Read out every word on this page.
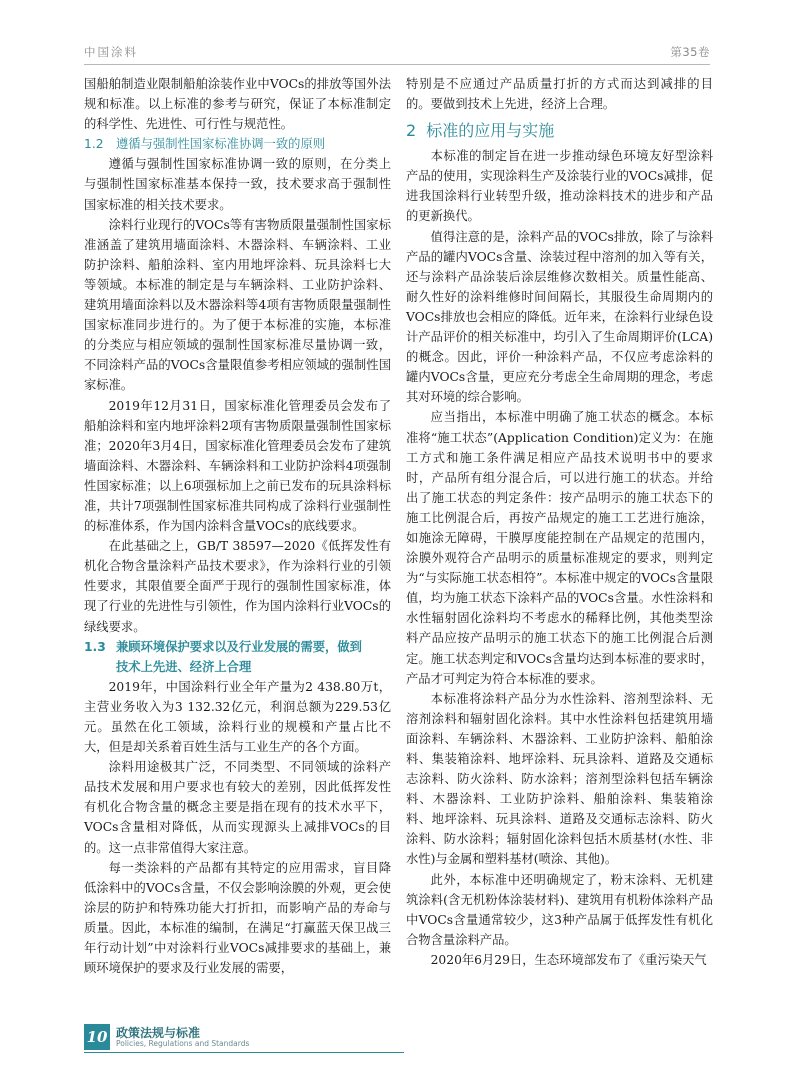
中国涂料	第35卷

国船舶制造业限制船舶涂装作业中VOCs的排放等国外法规和标准。以上标准的参考与研究，保证了本标准制定的科学性、先进性、可行性与规范性。

1.2 遵循与强制性国家标准协调一致的原则

遵循与强制性国家标准协调一致的原则，在分类上与强制性国家标准基本保持一致，技术要求高于强制性国家标准的相关技术要求。

涂料行业现行的VOCs等有害物质限量强制性国家标准涵盖了建筑用墙面涂料、木器涂料、车辆涂料、工业防护涂料、船舶涂料、室内用地坪涂料、玩具涂料七大等领域。本标准的制定是与车辆涂料、工业防护涂料、建筑用墙面涂料以及木器涂料等4项有害物质限量强制性国家标准同步进行的。为了便于本标准的实施，本标准的分类应与相应领域的强制性国家标准尽量协调一致，不同涂料产品的VOCs含量限值参考相应领域的强制性国家标准。

2019年12月31日，国家标准化管理委员会发布了船舶涂料和室内地坪涂料2项有害物质限量强制性国家标准；2020年3月4日，国家标准化管理委员会发布了建筑墙面涂料、木器涂料、车辆涂料和工业防护涂料4项强制性国家标准；以上6项强标加上之前已发布的玩具涂料标准，共计7项强制性国家标准共同构成了涂料行业强制性的标准体系，作为国内涂料含量VOCs的底线要求。

在此基础之上，GB/T 38597—2020《低挥发性有机化合物含量涂料产品技术要求》，作为涂料行业的引领性要求，其限值要全面严于现行的强制性国家标准，体现了行业的先进性与引领性，作为国内涂料行业VOCs的绿线要求。

1.3 兼顾环境保护要求以及行业发展的需要，做到
技术上先进、经济上合理

2019年，中国涂料行业全年产量为2 438.80万t，主营业务收入为3 132.32亿元，利润总额为229.53亿元。虽然在化工领域，涂料行业的规模和产量占比不大，但是却关系着百姓生活与工业生产的各个方面。

涂料用途极其广泛，不同类型、不同领域的涂料产品技术发展和用户要求也有较大的差别，因此低挥发性有机化合物含量的概念主要是指在现有的技术水平下，VOCs含量相对降低，从而实现源头上减排VOCs的目的。这一点非常值得大家注意。

每一类涂料的产品都有其特定的应用需求，盲目降低涂料中的VOCs含量，不仅会影响涂膜的外观，更会使涂层的防护和特殊功能大打折扣，而影响产品的寿命与质量。因此，本标准的编制，在满足“打赢蓝天保卫战三年行动计划”中对涂料行业VOCs减排要求的基础上，兼顾环境保护的要求及行业发展的需要，

特别是不应通过产品质量打折的方式而达到减排的目的。要做到技术上先进，经济上合理。

2 标准的应用与实施

本标准的制定旨在进一步推动绿色环境友好型涂料产品的使用，实现涂料生产及涂装行业的VOCs减排，促进我国涂料行业转型升级，推动涂料技术的进步和产品的更新换代。

值得注意的是，涂料产品的VOCs排放，除了与涂料产品的罐内VOCs含量、涂装过程中溶剂的加入等有关，还与涂料产品涂装后涂层维修次数相关。质量性能高、耐久性好的涂料维修时间间隔长，其服役生命周期内的VOCs排放也会相应的降低。近年来，在涂料行业绿色设计产品评价的相关标准中，均引入了生命周期评价(LCA)的概念。因此，评价一种涂料产品，不仅应考虑涂料的罐内VOCs含量，更应充分考虑全生命周期的理念，考虑其对环境的综合影响。

应当指出，本标准中明确了施工状态的概念。本标准将“施工状态”(Application Condition)定义为：在施工方式和施工条件满足相应产品技术说明书中的要求时，产品所有组分混合后，可以进行施工的状态。并给出了施工状态的判定条件：按产品明示的施工状态下的施工比例混合后，再按产品规定的施工工艺进行施涂，如施涂无障碍，干膜厚度能控制在产品规定的范围内，涂膜外观符合产品明示的质量标准规定的要求，则判定为“与实际施工状态相符”。本标准中规定的VOCs含量限值，均为施工状态下涂料产品的VOCs含量。水性涂料和水性辐射固化涂料均不考虑水的稀释比例，其他类型涂料产品应按产品明示的施工状态下的施工比例混合后测定。施工状态判定和VOCs含量均达到本标准的要求时，产品才可判定为符合本标准的要求。

本标准将涂料产品分为水性涂料、溶剂型涂料、无溶剂涂料和辐射固化涂料。其中水性涂料包括建筑用墙面涂料、车辆涂料、木器涂料、工业防护涂料、船舶涂料、集装箱涂料、地坪涂料、玩具涂料、道路及交通标志涂料、防火涂料、防水涂料；溶剂型涂料包括车辆涂料、木器涂料、工业防护涂料、船舶涂料、集装箱涂料、地坪涂料、玩具涂料、道路及交通标志涂料、防火涂料、防水涂料；辐射固化涂料包括木质基材(水性、非水性)与金属和塑料基材(喷涂、其他)。

此外，本标准中还明确规定了，粉末涂料、无机建筑涂料(含无机粉体涂装材料)、建筑用有机粉体涂料产品中VOCs含量通常较少，这3种产品属于低挥发性有机化合物含量涂料产品。

2020年6月29日，生态环境部发布了《重污染天气

10 政策法规与标准
Policies, Regulations and Standards
